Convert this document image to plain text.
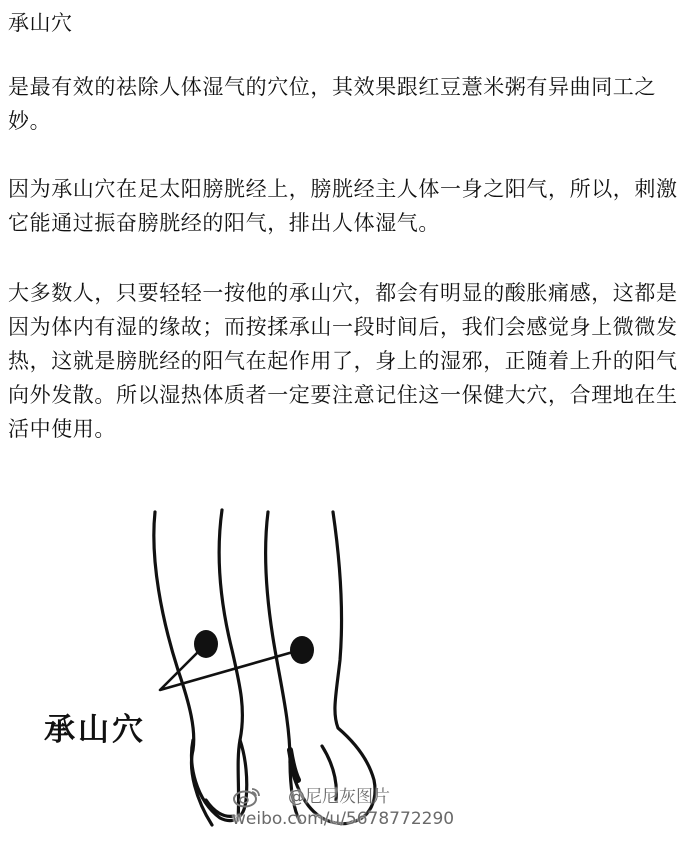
承山穴

是最有效的祛除人体湿气的穴位，其效果跟红豆薏米粥有异曲同工之妙。

因为承山穴在足太阳膀胱经上，膀胱经主人体一身之阳气，所以，刺激它能通过振奋膀胱经的阳气，排出人体湿气。

大多数人，只要轻轻一按他的承山穴，都会有明显的酸胀痛感，这都是因为体内有湿的缘故；而按揉承山一段时间后，我们会感觉身上微微发热，这就是膀胱经的阳气在起作用了，身上的湿邪，正随着上升的阳气向外发散。所以湿热体质者一定要注意记住这一保健大穴，合理地在生活中使用。

承山穴
@尼尼灰图片
weibo.com/u/5678772290
